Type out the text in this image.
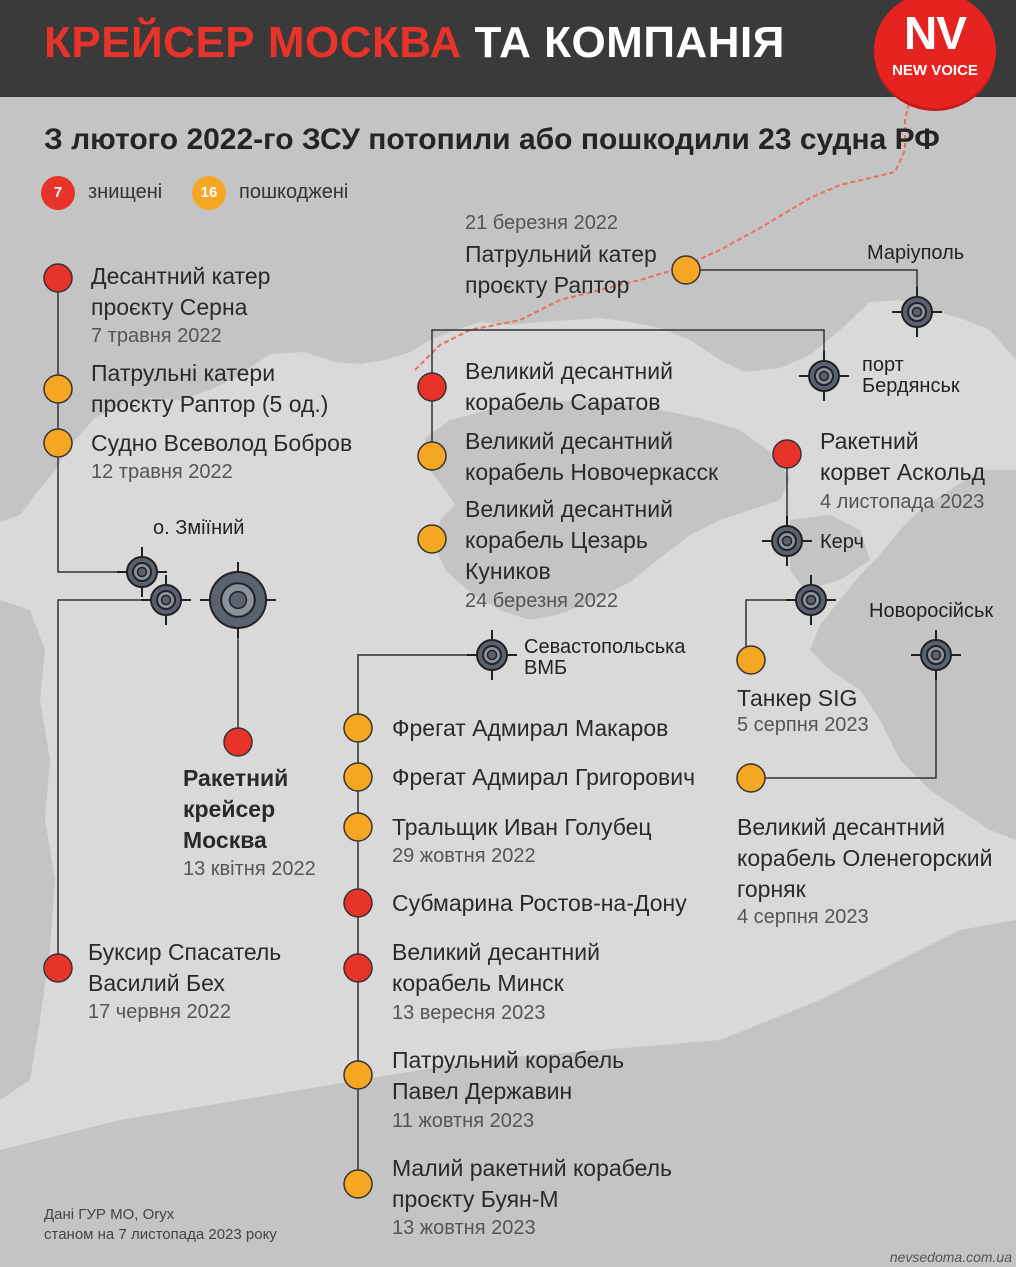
КРЕЙСЕР МОСКВА ТА КОМПАНІЯ	NV
NEW VOICE
З лютого 2022-го ЗСУ потопили або пошкодили 23 судна РФ
7	знищені	16	пошкоджені
Маріуполь
порт
Бердянськ
о. Зміїний
Керч
Новоросійськ
Севастопольська
ВМБ
Десантний катер
проєкту Серна
7 травня 2022
Патрульні катери
проєкту Раптор (5 од.)
Судно Всеволод Бобров
12 травня 2022
Ракетний
крейсер
Москва
13 квітня 2022
Буксир Спасатель
Василий Бех
17 червня 2022
21 березня 2022
Патрульний катер
проєкту Раптор
Великий десантний
корабель Саратов
Великий десантний
корабель Новочеркасск
Великий десантний
корабель Цезарь
Куников
24 березня 2022
Ракетний
корвет Аскольд
4 листопада 2023
Танкер SIG
5 серпня 2023
Великий десантний
корабель Оленегорский
горняк
4 серпня 2023
Фрегат Адмирал Макаров
Фрегат Адмирал Григорович
Тральщик Иван Голубец
29 жовтня 2022
Субмарина Ростов-на-Дону
Великий десантний
корабель Минск
13 вересня 2023
Патрульний корабель
Павел Державин
11 жовтня 2023
Малий ракетний корабель
проєкту Буян-М
13 жовтня 2023
Дані ГУР МО, Oryx
станом на 7 листопада 2023 року
nevsedoma.com.ua
